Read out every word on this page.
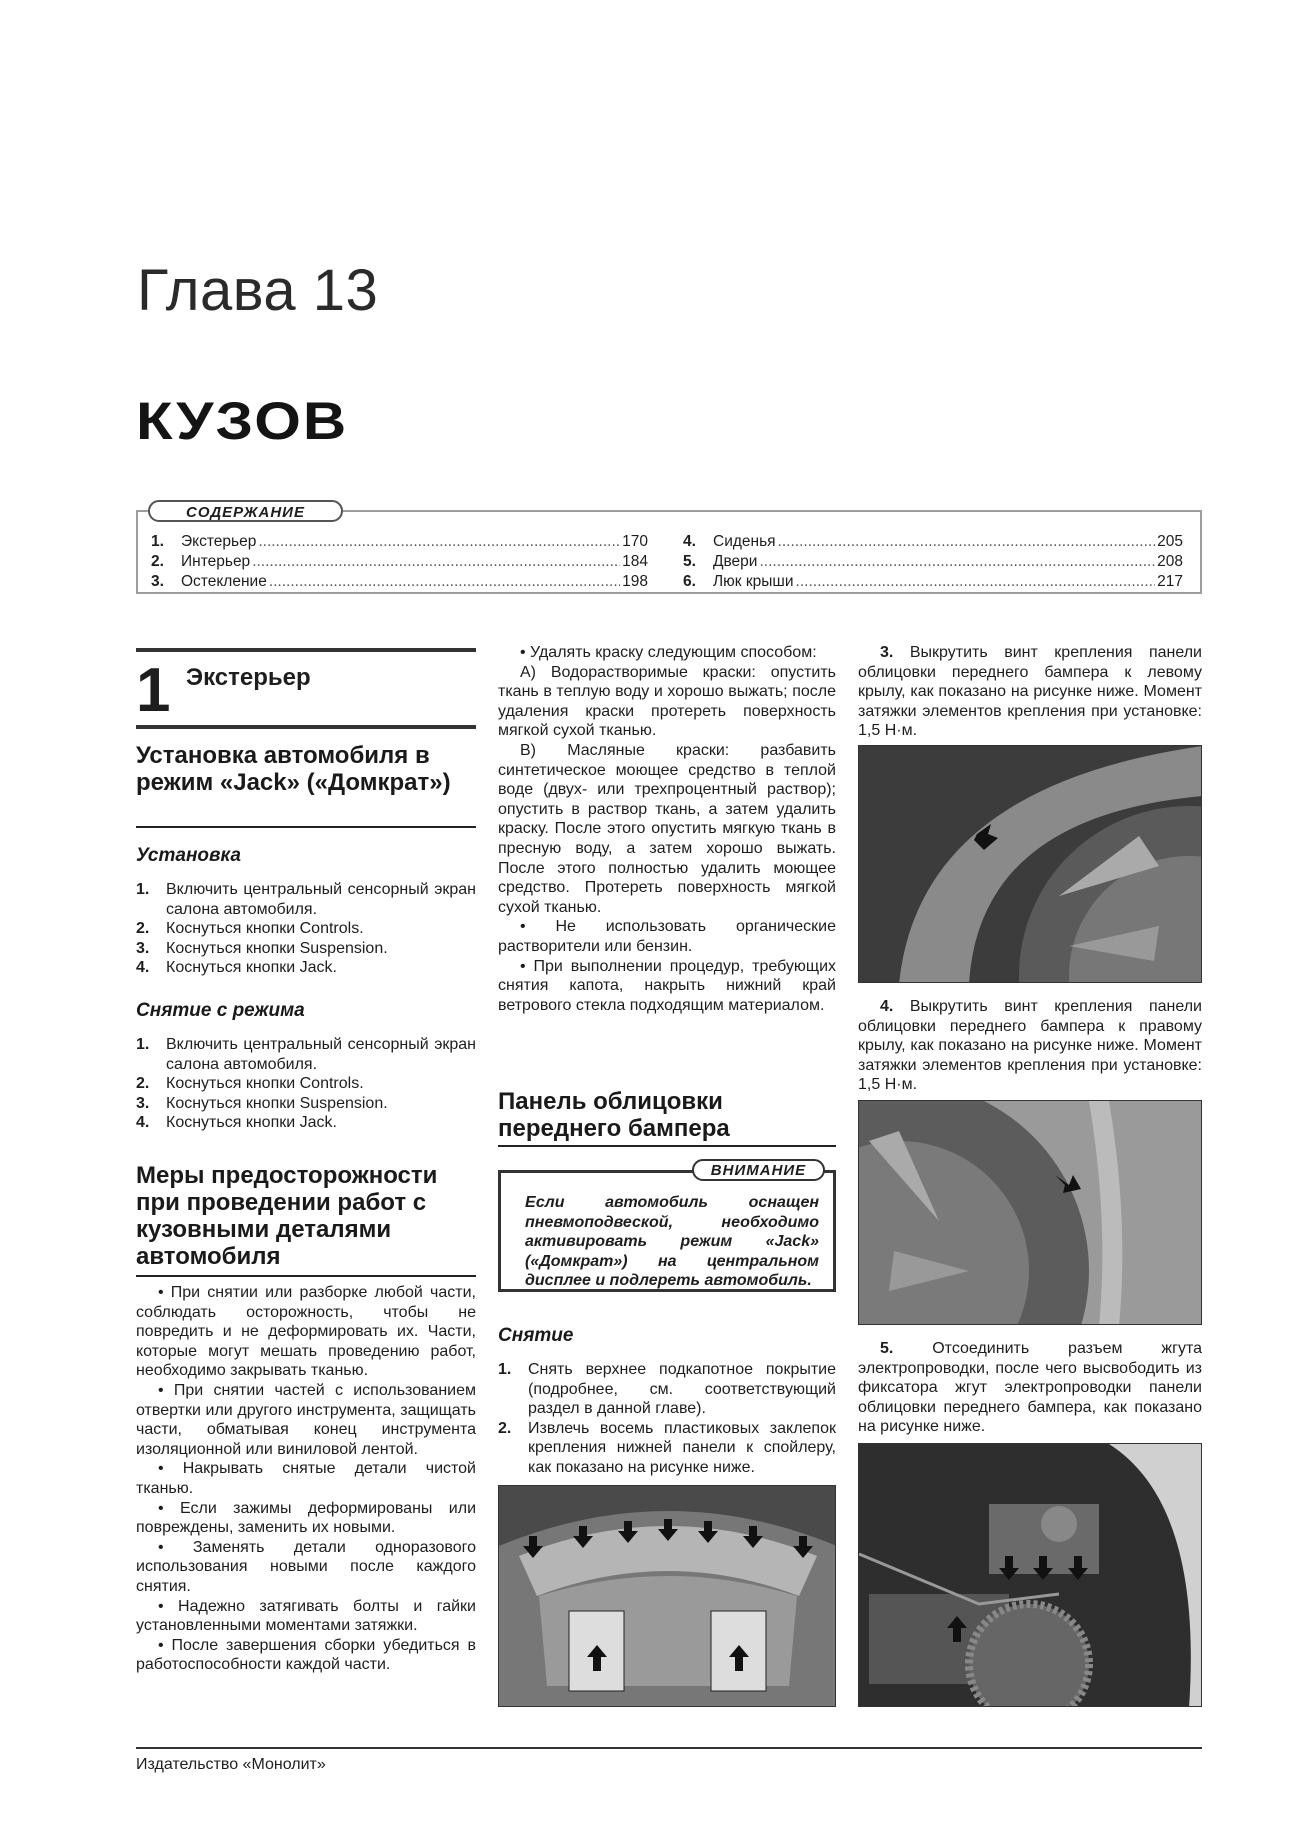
Глава 13
КУЗОВ
СОДЕРЖАНИЕ
1.	Экстерьер .....	170
2.	Интерьер .....	184
3.	Остекление .....	198
4.	Сиденья .....	205
5.	Двери .....	208
6.	Люк крыши .....	217
1 Экстерьер
Установка автомобиля в режим «Jack» («Домкрат»)
Установка

1. Включить центральный сенсорный экран салона автомобиля.

2. Коснуться кнопки Controls.

3. Коснуться кнопки Suspension.

4. Коснуться кнопки Jack.

Снятие с режима

1. Включить центральный сенсорный экран салона автомобиля.

2. Коснуться кнопки Controls.

3. Коснуться кнопки Suspension.

4. Коснуться кнопки Jack.

Меры предосторожности при проведении работ с кузовными деталями автомобиля

• При снятии или разборке любой части, соблюдать осторожность, чтобы не повредить и не деформировать их. Части, которые могут мешать проведению работ, необходимо закрывать тканью.

• При снятии частей с использованием отвертки или другого инструмента, защищать части, обматывая конец инструмента изоляционной или виниловой лентой.

• Накрывать снятые детали чистой тканью.

• Если зажимы деформированы или повреждены, заменить их новыми.

• Заменять детали одноразового использования новыми после каждого снятия.

• Надежно затягивать болты и гайки установленными моментами затяжки.

• После завершения сборки убедиться в работоспособности каждой части.

• Удалять краску следующим способом:

А) Водорастворимые краски: опустить ткань в теплую воду и хорошо выжать; после удаления краски протереть поверхность мягкой сухой тканью.

В) Масляные краски: разбавить синтетическое моющее средство в теплой воде (двух- или трехпроцентный раствор); опустить в раствор ткань, а затем удалить краску. После этого опустить мягкую ткань в пресную воду, а затем хорошо выжать. После этого полностью удалить моющее средство. Протереть поверхность мягкой сухой тканью.

• Не использовать органические растворители или бензин.

• При выполнении процедур, требующих снятия капота, накрыть нижний край ветрового стекла подходящим материалом.

Панель облицовки переднего бампера
Если автомобиль оснащен пневмоподвеской, необходимо активировать режим «Jack» («Домкрат») на центральном дисплее и подлереть автомобиль.
ВНИМАНИЕ
Снятие

1. Снять верхнее подкапотное покрытие (подробнее, см. соответствующий раздел в данной главе).

2. Извлечь восемь пластиковых заклепок крепления нижней панели к спойлеру, как показано на рисунке ниже.

3. Выкрутить винт крепления панели облицовки переднего бампера к левому крылу, как показано на рисунке ниже. Момент затяжки элементов крепления при установке: 1,5 Н·м.

4. Выкрутить винт крепления панели облицовки переднего бампера к правому крылу, как показано на рисунке ниже. Момент затяжки элементов крепления при установке: 1,5 Н·м.

5. Отсоединить разъем жгута электропроводки, после чего высвободить из фиксатора жгут электропроводки панели облицовки переднего бампера, как показано на рисунке ниже.

Издательство «Монолит»
